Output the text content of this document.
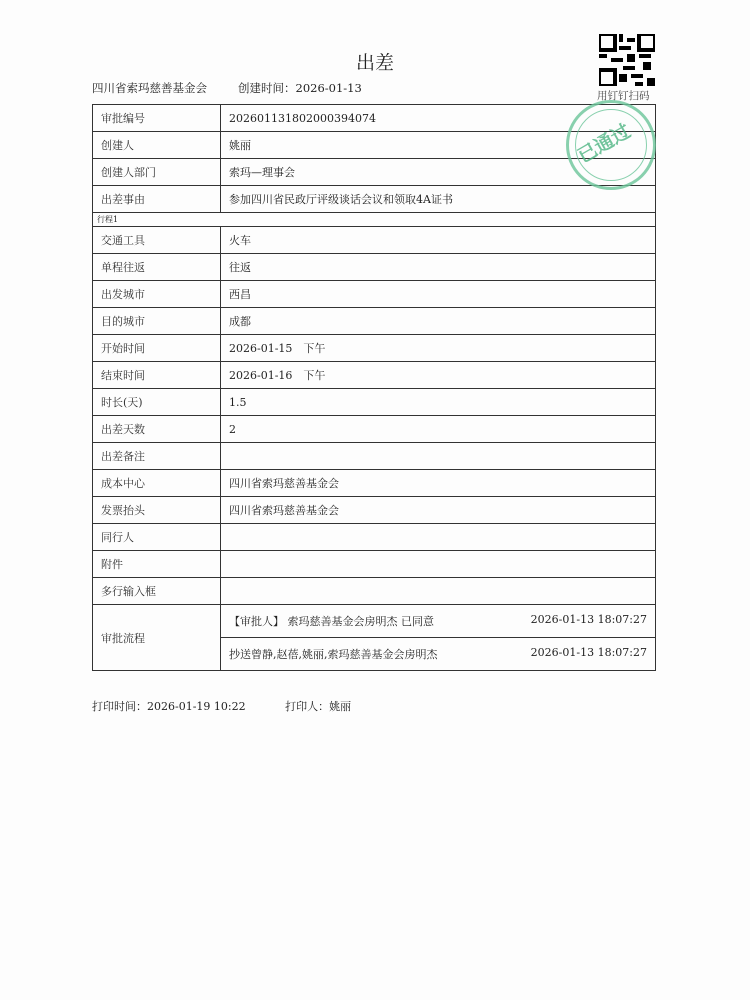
出差
四川省索玛慈善基金会	创建时间：2026-01-13
用钉钉扫码
审批编号	202601131802000394074
创建人	姚丽
创建人部门	索玛—理事会
出差事由	参加四川省民政厅评级谈话会议和领取4A证书
行程1	
交通工具	火车
单程往返	往返
出发城市	西昌
目的城市	成都
开始时间	2026-01-15　下午
结束时间	2026-01-16　下午
时长(天)	1.5
出差天数	2
出差备注	
成本中心	四川省索玛慈善基金会
发票抬头	四川省索玛慈善基金会
同行人	
附件	
多行输入框	
审批流程	【审批人】 索玛慈善基金会房明杰 已同意 2026-01-13 18:07:27

	抄送曾静,赵蓓,姚丽,索玛慈善基金会房明杰 2026-01-13 18:07:27
已通过
打印时间：2026-01-19 10:22	打印人：姚丽
